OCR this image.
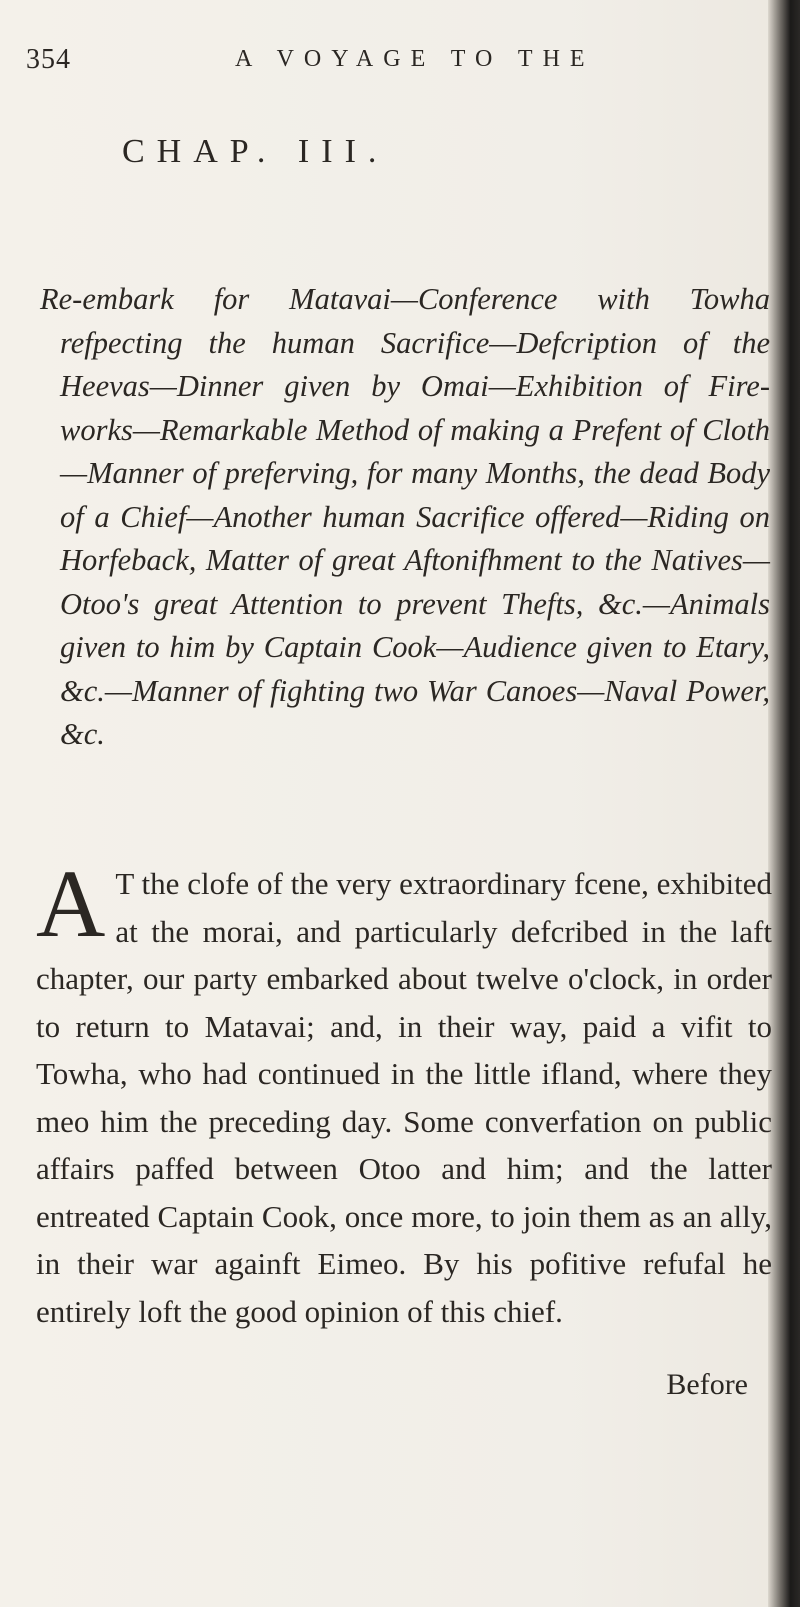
354	A VOYAGE TO THE
CHAP. III.
Re-embark for Matavai—Conference with Towha refpecting the human Sacrifice—Defcription of the Heevas—Dinner given by Omai—Exhibition of Fire-works—Remarkable Method of making a Prefent of Cloth—Manner of preferving, for many Months, the dead Body of a Chief—Another human Sacrifice offered—Riding on Horfeback, Matter of great Aftonifhment to the Natives—Otoo's great Attention to prevent Thefts, &c.—Animals given to him by Captain Cook—Audience given to Etary, &c.—Manner of fighting two War Canoes—Naval Power, &c.
A T the clofe of the very extraordinary fcene, exhibited at the morai, and particularly defcribed in the laft chapter, our party embarked about twelve o'clock, in order to return to Matavai; and, in their way, paid a vifit to Towha, who had continued in the little ifland, where they meo him the preceding day. Some converfation on public affairs paffed between Otoo and him; and the latter entreated Captain Cook, once more, to join them as an ally, in their war againft Eimeo. By his pofitive refufal he entirely loft the good opinion of this chief.
Before
